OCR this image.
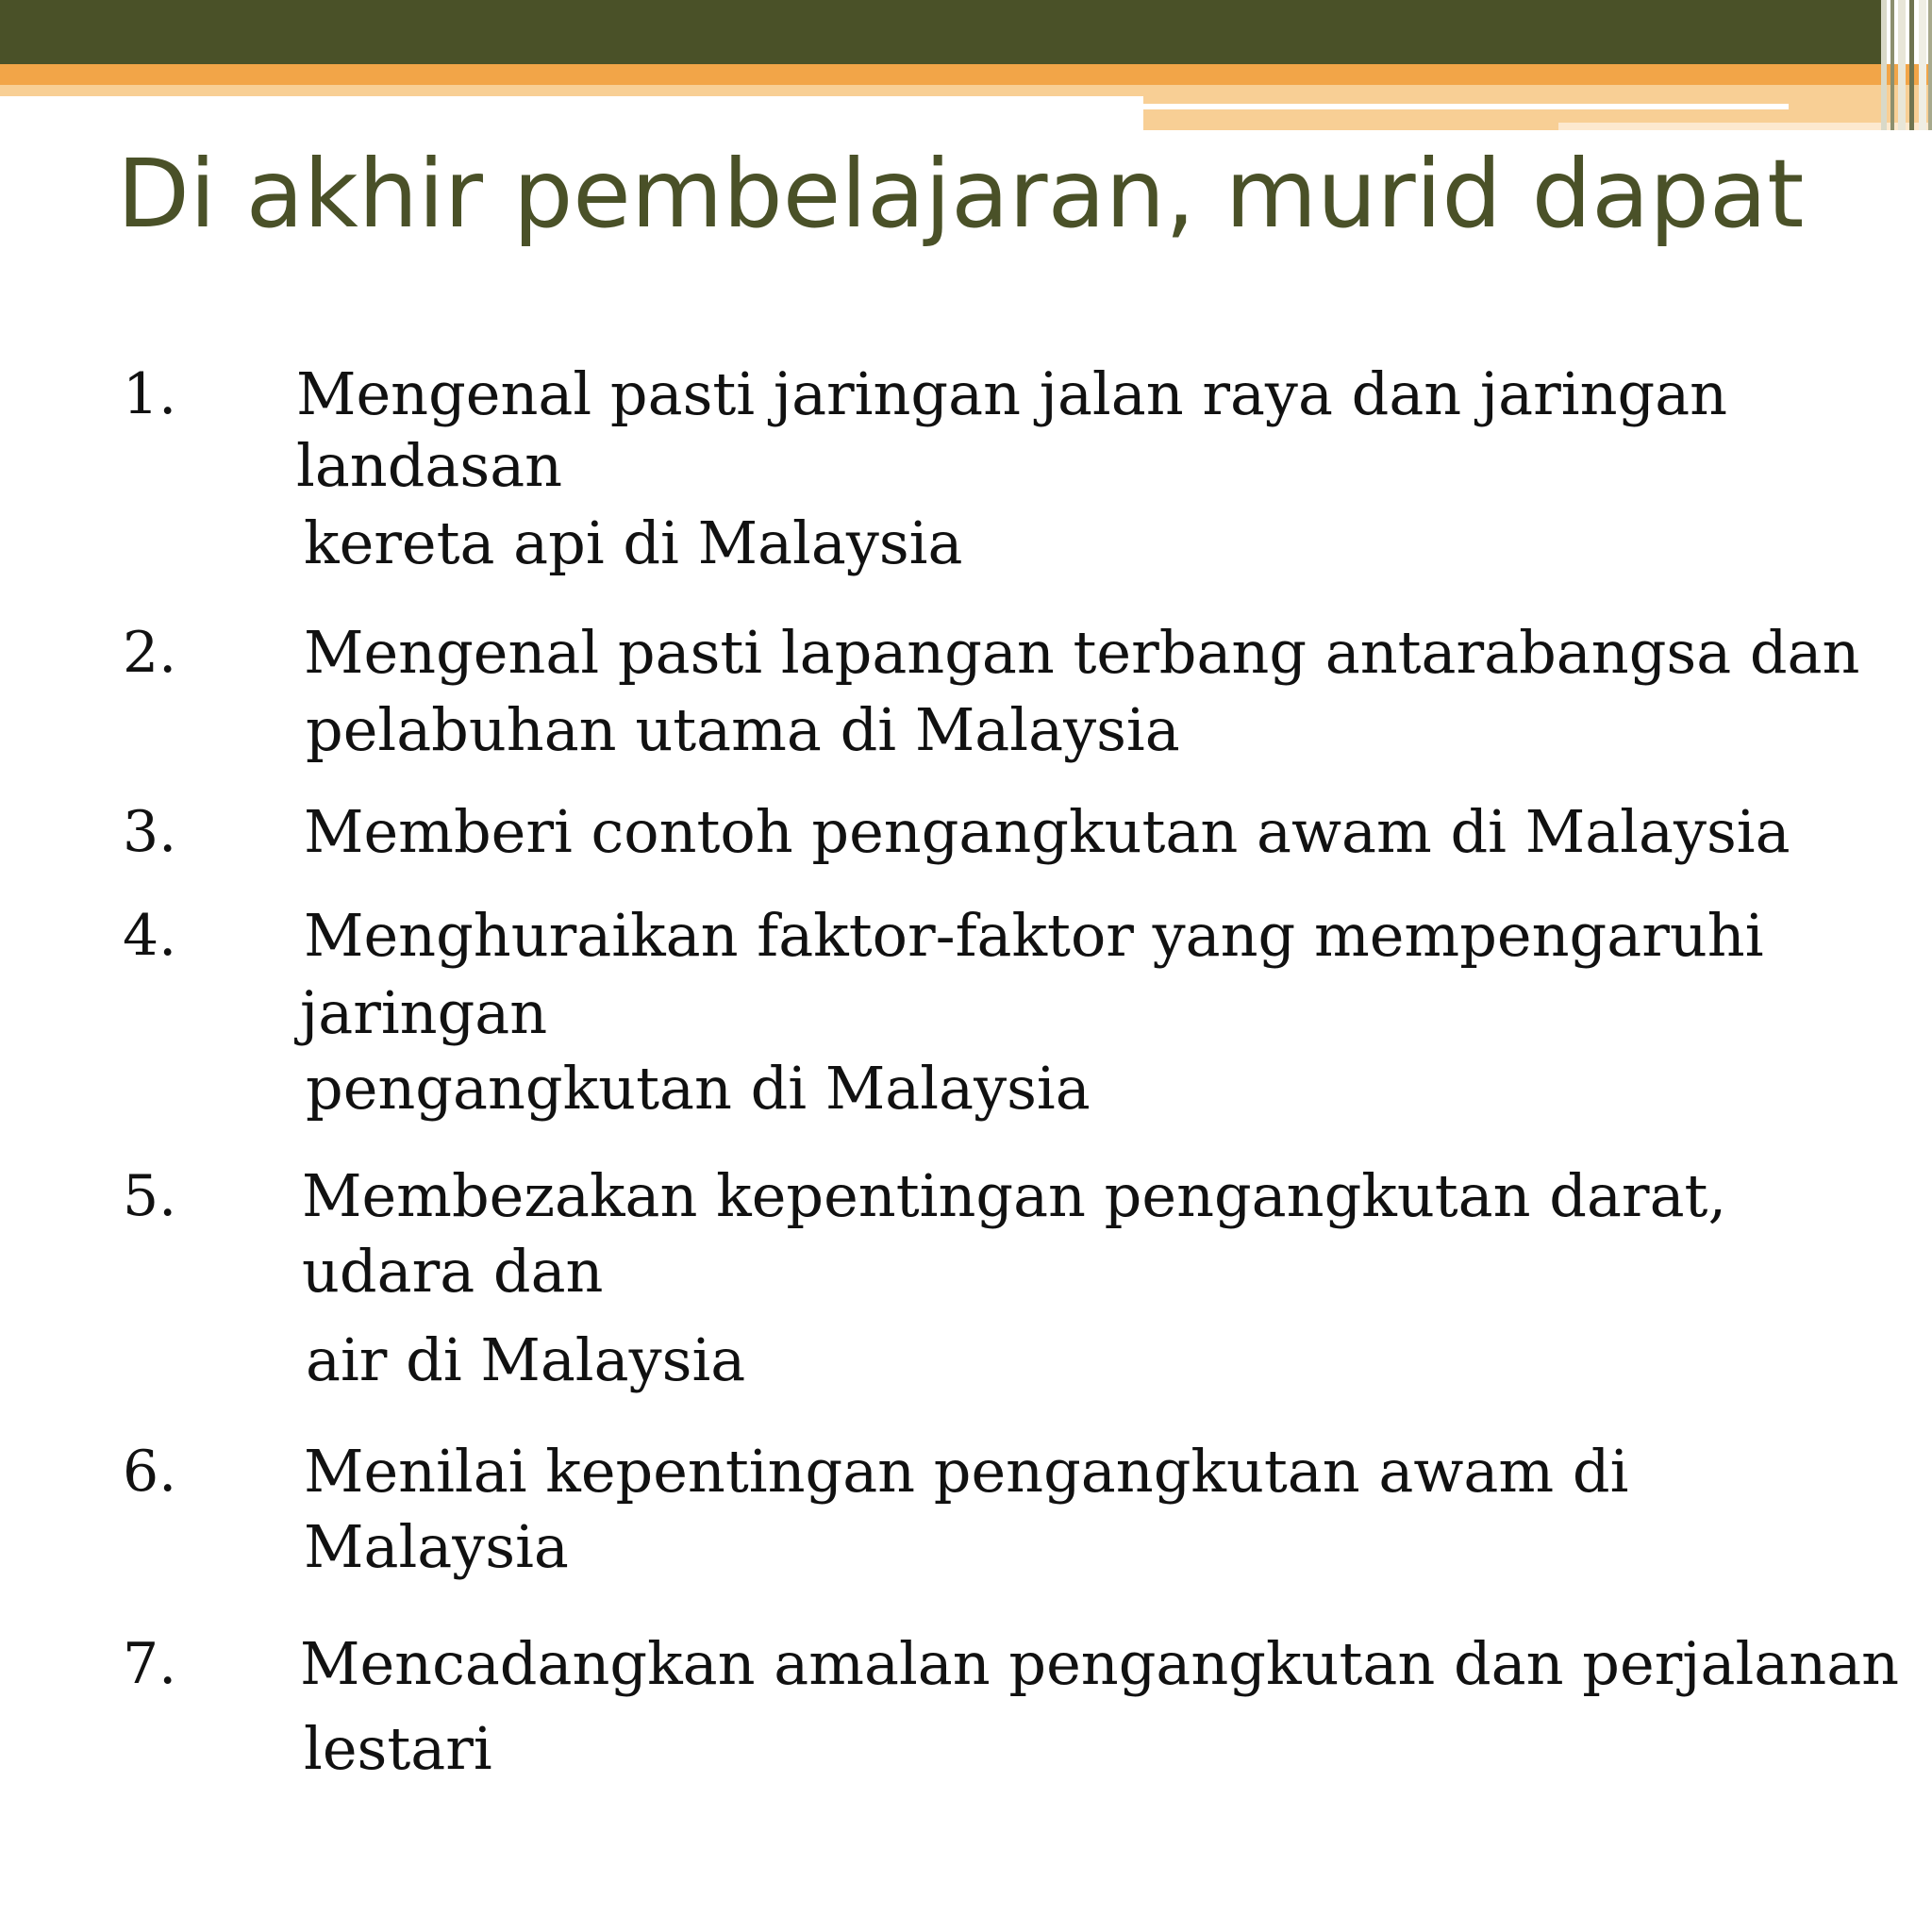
Di akhir pembelajaran, murid dapat
1. Mengenal pasti jaringan jalan raya dan jaringan
landasan
kereta api di Malaysia
2. Mengenal pasti lapangan terbang antarabangsa dan
pelabuhan utama di Malaysia
3. Memberi contoh pengangkutan awam di Malaysia
4. Menghuraikan faktor-faktor yang mempengaruhi
jaringan
pengangkutan di Malaysia
5. Membezakan kepentingan pengangkutan darat,
udara dan
air di Malaysia
6. Menilai kepentingan pengangkutan awam di
Malaysia
7. Mencadangkan amalan pengangkutan dan perjalanan
lestari
